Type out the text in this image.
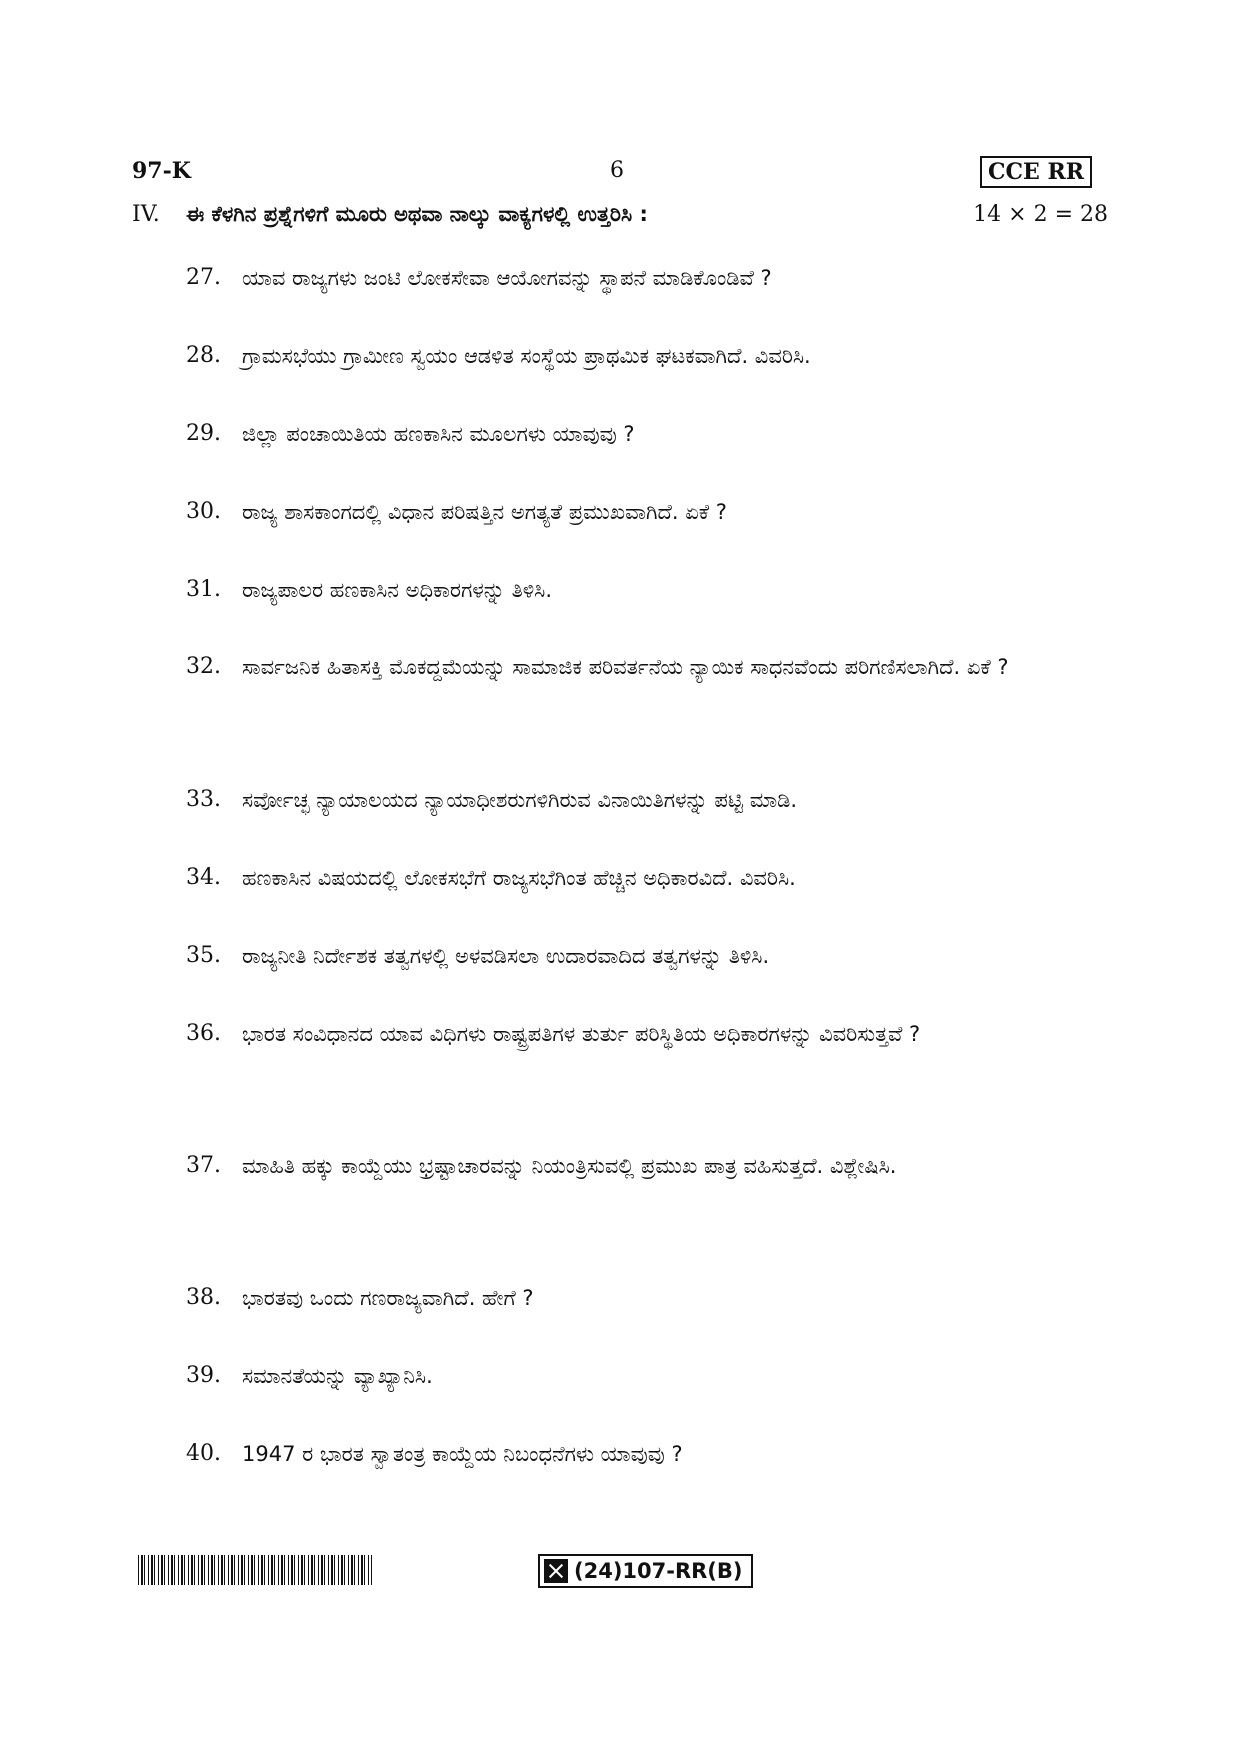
97-K	6	CCE RR
IV. ಈ ಕೆಳಗಿನ ಪ್ರಶ್ನೆಗಳಿಗೆ ಮೂರು ಅಥವಾ ನಾಲ್ಕು ವಾಕ್ಯಗಳಲ್ಲಿ ಉತ್ತರಿಸಿ :	14 × 2 = 28
27. ಯಾವ ರಾಜ್ಯಗಳು ಜಂಟಿ ಲೋಕಸೇವಾ ಆಯೋಗವನ್ನು ಸ್ಥಾಪನೆ ಮಾಡಿಕೊಂಡಿವೆ ?
28. ಗ್ರಾಮಸಭೆಯು ಗ್ರಾಮೀಣ ಸ್ವಯಂ ಆಡಳಿತ ಸಂಸ್ಥೆಯ ಪ್ರಾಥಮಿಕ ಘಟಕವಾಗಿದೆ. ವಿವರಿಸಿ.
29. ಜಿಲ್ಲಾ ಪಂಚಾಯಿತಿಯ ಹಣಕಾಸಿನ ಮೂಲಗಳು ಯಾವುವು ?
30. ರಾಜ್ಯ ಶಾಸಕಾಂಗದಲ್ಲಿ ವಿಧಾನ ಪರಿಷತ್ತಿನ ಅಗತ್ಯತೆ ಪ್ರಮುಖವಾಗಿದೆ. ಏಕೆ ?
31. ರಾಜ್ಯಪಾಲರ ಹಣಕಾಸಿನ ಅಧಿಕಾರಗಳನ್ನು ತಿಳಿಸಿ.
32. ಸಾರ್ವಜನಿಕ ಹಿತಾಸಕ್ತಿ ಮೊಕದ್ದಮೆಯನ್ನು ಸಾಮಾಜಿಕ ಪರಿವರ್ತನೆಯ ನ್ಯಾಯಿಕ ಸಾಧನವೆಂದು ಪರಿಗಣಿಸಲಾಗಿದೆ. ಏಕೆ ?
33. ಸರ್ವೋಚ್ಛ ನ್ಯಾಯಾಲಯದ ನ್ಯಾಯಾಧೀಶರುಗಳಿಗಿರುವ ವಿನಾಯಿತಿಗಳನ್ನು ಪಟ್ಟಿ ಮಾಡಿ.
34. ಹಣಕಾಸಿನ ವಿಷಯದಲ್ಲಿ ಲೋಕಸಭೆಗೆ ರಾಜ್ಯಸಭೆಗಿಂತ ಹೆಚ್ಚಿನ ಅಧಿಕಾರವಿದೆ. ವಿವರಿಸಿ.
35. ರಾಜ್ಯನೀತಿ ನಿರ್ದೇಶಕ ತತ್ವಗಳಲ್ಲಿ ಅಳವಡಿಸಲಾ ಉದಾರವಾದಿದ ತತ್ವಗಳನ್ನು ತಿಳಿಸಿ.
36. ಭಾರತ ಸಂವಿಧಾನದ ಯಾವ ವಿಧಿಗಳು ರಾಷ್ಟ್ರಪತಿಗಳ ತುರ್ತು ಪರಿಸ್ಥಿತಿಯ ಅಧಿಕಾರಗಳನ್ನು ವಿವರಿಸುತ್ತವೆ ?
37. ಮಾಹಿತಿ ಹಕ್ಕು ಕಾಯ್ದೆಯು ಭ್ರಷ್ಟಾಚಾರವನ್ನು ನಿಯಂತ್ರಿಸುವಲ್ಲಿ ಪ್ರಮುಖ ಪಾತ್ರ ವಹಿಸುತ್ತದೆ. ವಿಶ್ಲೇಷಿಸಿ.
38. ಭಾರತವು ಒಂದು ಗಣರಾಜ್ಯವಾಗಿದೆ. ಹೇಗೆ ?
39. ಸಮಾನತೆಯನ್ನು ವ್ಯಾಖ್ಯಾನಿಸಿ.
40. 1947 ರ ಭಾರತ ಸ್ವಾತಂತ್ರ ಕಾಯ್ದೆಯ ನಿಬಂಧನೆಗಳು ಯಾವುವು ?
(24)107-RR(B)
